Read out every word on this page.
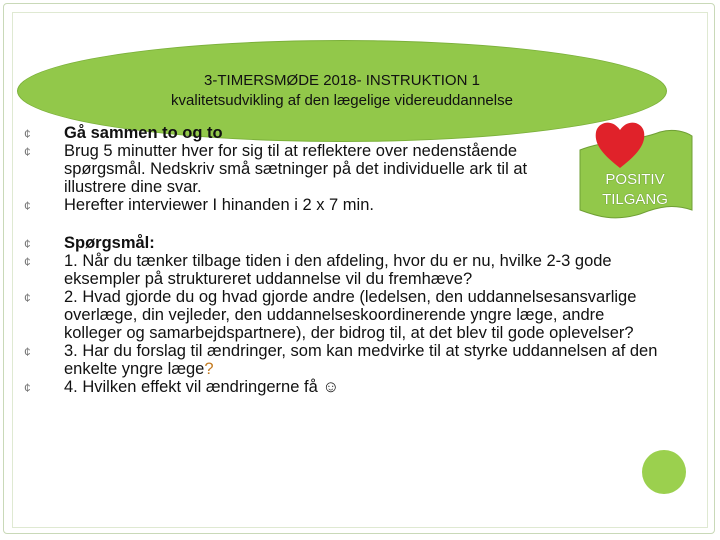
3-TIMERSMØDE 2018- INSTRUKTION 1
kvalitetsudvikling af den lægelige videreuddannelse
¢ Gå sammen to og to
¢ Brug 5 minutter hver for sig til at reflektere over nedenstående spørgsmål. Nedskriv små sætninger på det individuelle ark til at illustrere dine svar.
¢ Herefter interviewer I hinanden i 2 x 7 min.
¢ Spørgsmål:
¢ 1. Når du tænker tilbage tiden i den afdeling, hvor du er nu, hvilke 2-3 gode eksempler på struktureret uddannelse vil du fremhæve?
¢ 2. Hvad gjorde du og hvad gjorde andre (ledelsen, den uddannelsesansvarlige overlæge, din vejleder, den uddannelseskoordinerende yngre læge, andre kolleger og samarbejdspartnere), der bidrog til, at det blev til gode oplevelser?
¢ 3. Har du forslag til ændringer, som kan medvirke til at styrke uddannelsen af den enkelte yngre læge?
¢ 4. Hvilken effekt vil ændringerne få ☺
POSITIV
TILGANG
